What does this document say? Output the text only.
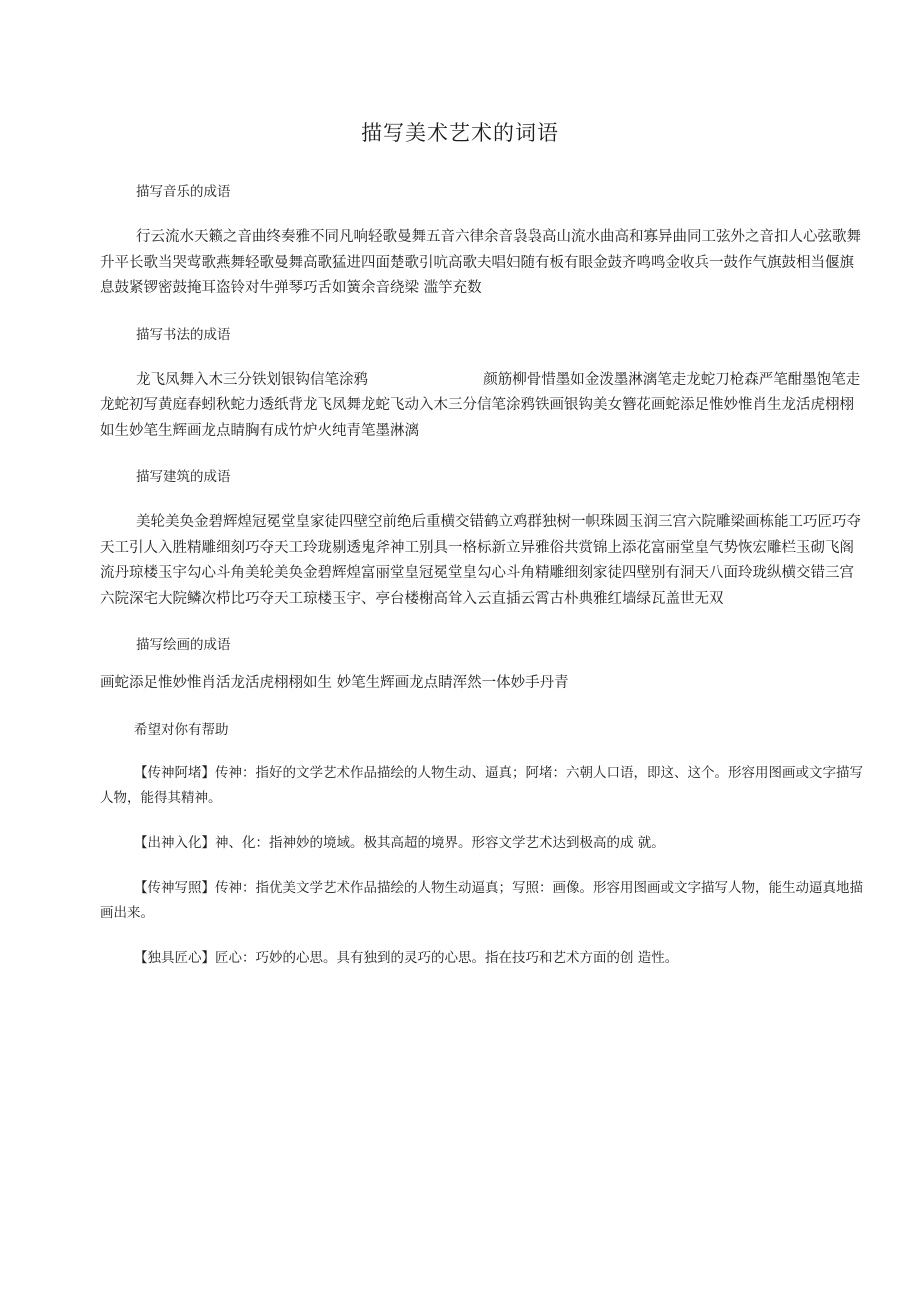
描写美术艺术的词语

描写音乐的成语

行云流水天籁之音曲终奏雅不同凡响轻歌曼舞五音六律余音袅袅高山流水曲高和寡异曲同工弦外之音扣人心弦歌舞升平长歌当哭莺歌燕舞轻歌曼舞高歌猛进四面楚歌引吭高歌夫唱妇随有板有眼金鼓齐鸣鸣金收兵一鼓作气旗鼓相当偃旗息鼓紧锣密鼓掩耳盗铃对牛弹琴巧舌如簧余音绕梁 滥竽充数

描写书法的成语

龙飞凤舞入木三分铁划银钩信笔涂鸦                         颜筋柳骨惜墨如金泼墨淋漓笔走龙蛇刀枪森严笔酣墨饱笔走龙蛇初写黄庭春蚓秋蛇力透纸背龙飞凤舞龙蛇飞动入木三分信笔涂鸦铁画银钩美女簪花画蛇添足惟妙惟肖生龙活虎栩栩如生妙笔生辉画龙点睛胸有成竹炉火纯青笔墨淋漓

描写建筑的成语

美轮美奂金碧辉煌冠冕堂皇家徒四壁空前绝后重横交错鹤立鸡群独树一帜珠圆玉润三宫六院雕梁画栋能工巧匠巧夺天工引人入胜精雕细刻巧夺天工玲珑剔透鬼斧神工别具一格标新立异雅俗共赏锦上添花富丽堂皇气势恢宏雕栏玉砌飞阁流丹琼楼玉宇勾心斗角美轮美奂金碧辉煌富丽堂皇冠冕堂皇勾心斗角精雕细刻家徒四壁别有洞天八面玲珑纵横交错三宫六院深宅大院鳞次栉比巧夺天工琼楼玉宇、亭台楼榭高耸入云直插云霄古朴典雅红墙绿瓦盖世无双

描写绘画的成语

画蛇添足惟妙惟肖活龙活虎栩栩如生 妙笔生辉画龙点睛浑然一体妙手丹青

希望对你有帮助

【传神阿堵】传神：指好的文学艺术作品描绘的人物生动、逼真；阿堵：六朝人口语，即这、这个。形容用图画或文字描写人物，能得其精神。

【出神入化】神、化：指神妙的境域。极其高超的境界。形容文学艺术达到极高的成 就。

【传神写照】传神：指优美文学艺术作品描绘的人物生动逼真；写照：画像。形容用图画或文字描写人物，能生动逼真地描画出来。

【独具匠心】匠心：巧妙的心思。具有独到的灵巧的心思。指在技巧和艺术方面的创 造性。
